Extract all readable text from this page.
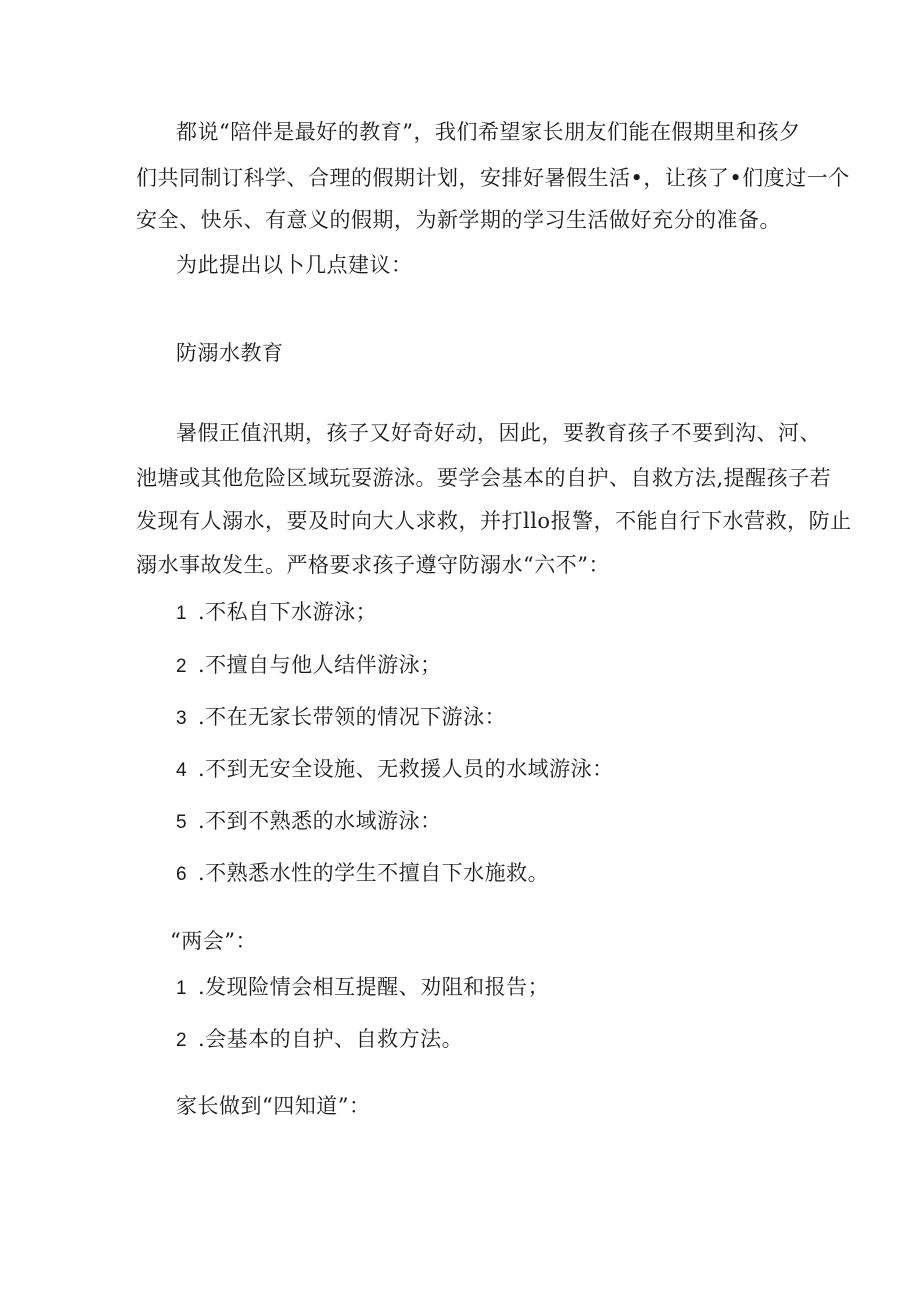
都说“陪伴是最好的教育”，我们希望家长朋友们能在假期里和孩夕
们共同制订科学、合理的假期计划，安排好暑假生活•，让孩了•们度过一个
安全、快乐、有意义的假期，为新学期的学习生活做好充分的准备。
为此提出以卜几点建议：
防溺水教育
暑假正值汛期，孩子又好奇好动，因此，要教育孩子不要到沟、河、
池塘或其他危险区域玩耍游泳。要学会基本的自护、自救方法,提醒孩子若
发现有人溺水，要及时向大人求救，并打llo报警，不能自行下水营救，防止
溺水事故发生。严格要求孩子遵守防溺水“六不”：
1 .不私自下水游泳；
2 .不擅自与他人结伴游泳；
3 .不在无家长带领的情况下游泳：
4 .不到无安全设施、无救援人员的水域游泳：
5 .不到不熟悉的水域游泳：
6 .不熟悉水性的学生不擅自下水施救。
“两会”：
1 .发现险情会相互提醒、劝阻和报告；
2 .会基本的自护、自救方法。
家长做到“四知道”：
